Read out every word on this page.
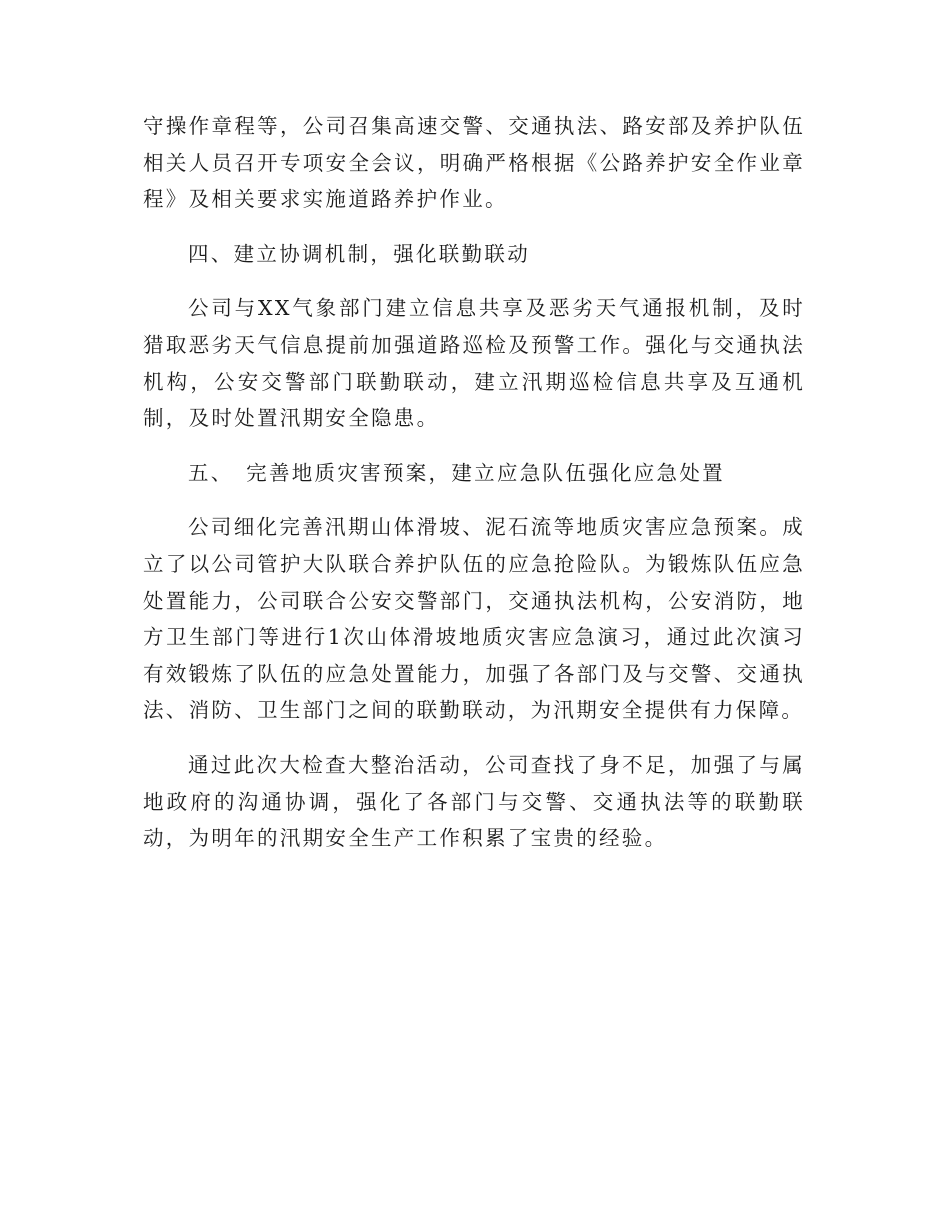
守操作章程等，公司召集高速交警、交通执法、路安部及养护队伍相关人员召开专项安全会议，明确严格根据《公路养护安全作业章程》及相关要求实施道路养护作业。

四、建立协调机制，强化联勤联动

公司与XX气象部门建立信息共享及恶劣天气通报机制，及时猎取恶劣天气信息提前加强道路巡检及预警工作。强化与交通执法机构，公安交警部门联勤联动，建立汛期巡检信息共享及互通机制，及时处置汛期安全隐患。

五、　完善地质灾害预案，建立应急队伍强化应急处置

公司细化完善汛期山体滑坡、泥石流等地质灾害应急预案。成立了以公司管护大队联合养护队伍的应急抢险队。为锻炼队伍应急处置能力，公司联合公安交警部门，交通执法机构，公安消防，地方卫生部门等进行1次山体滑坡地质灾害应急演习，通过此次演习有效锻炼了队伍的应急处置能力，加强了各部门及与交警、交通执法、消防、卫生部门之间的联勤联动，为汛期安全提供有力保障。

通过此次大检查大整治活动，公司查找了身不足，加强了与属地政府的沟通协调，强化了各部门与交警、交通执法等的联勤联动，为明年的汛期安全生产工作积累了宝贵的经验。
